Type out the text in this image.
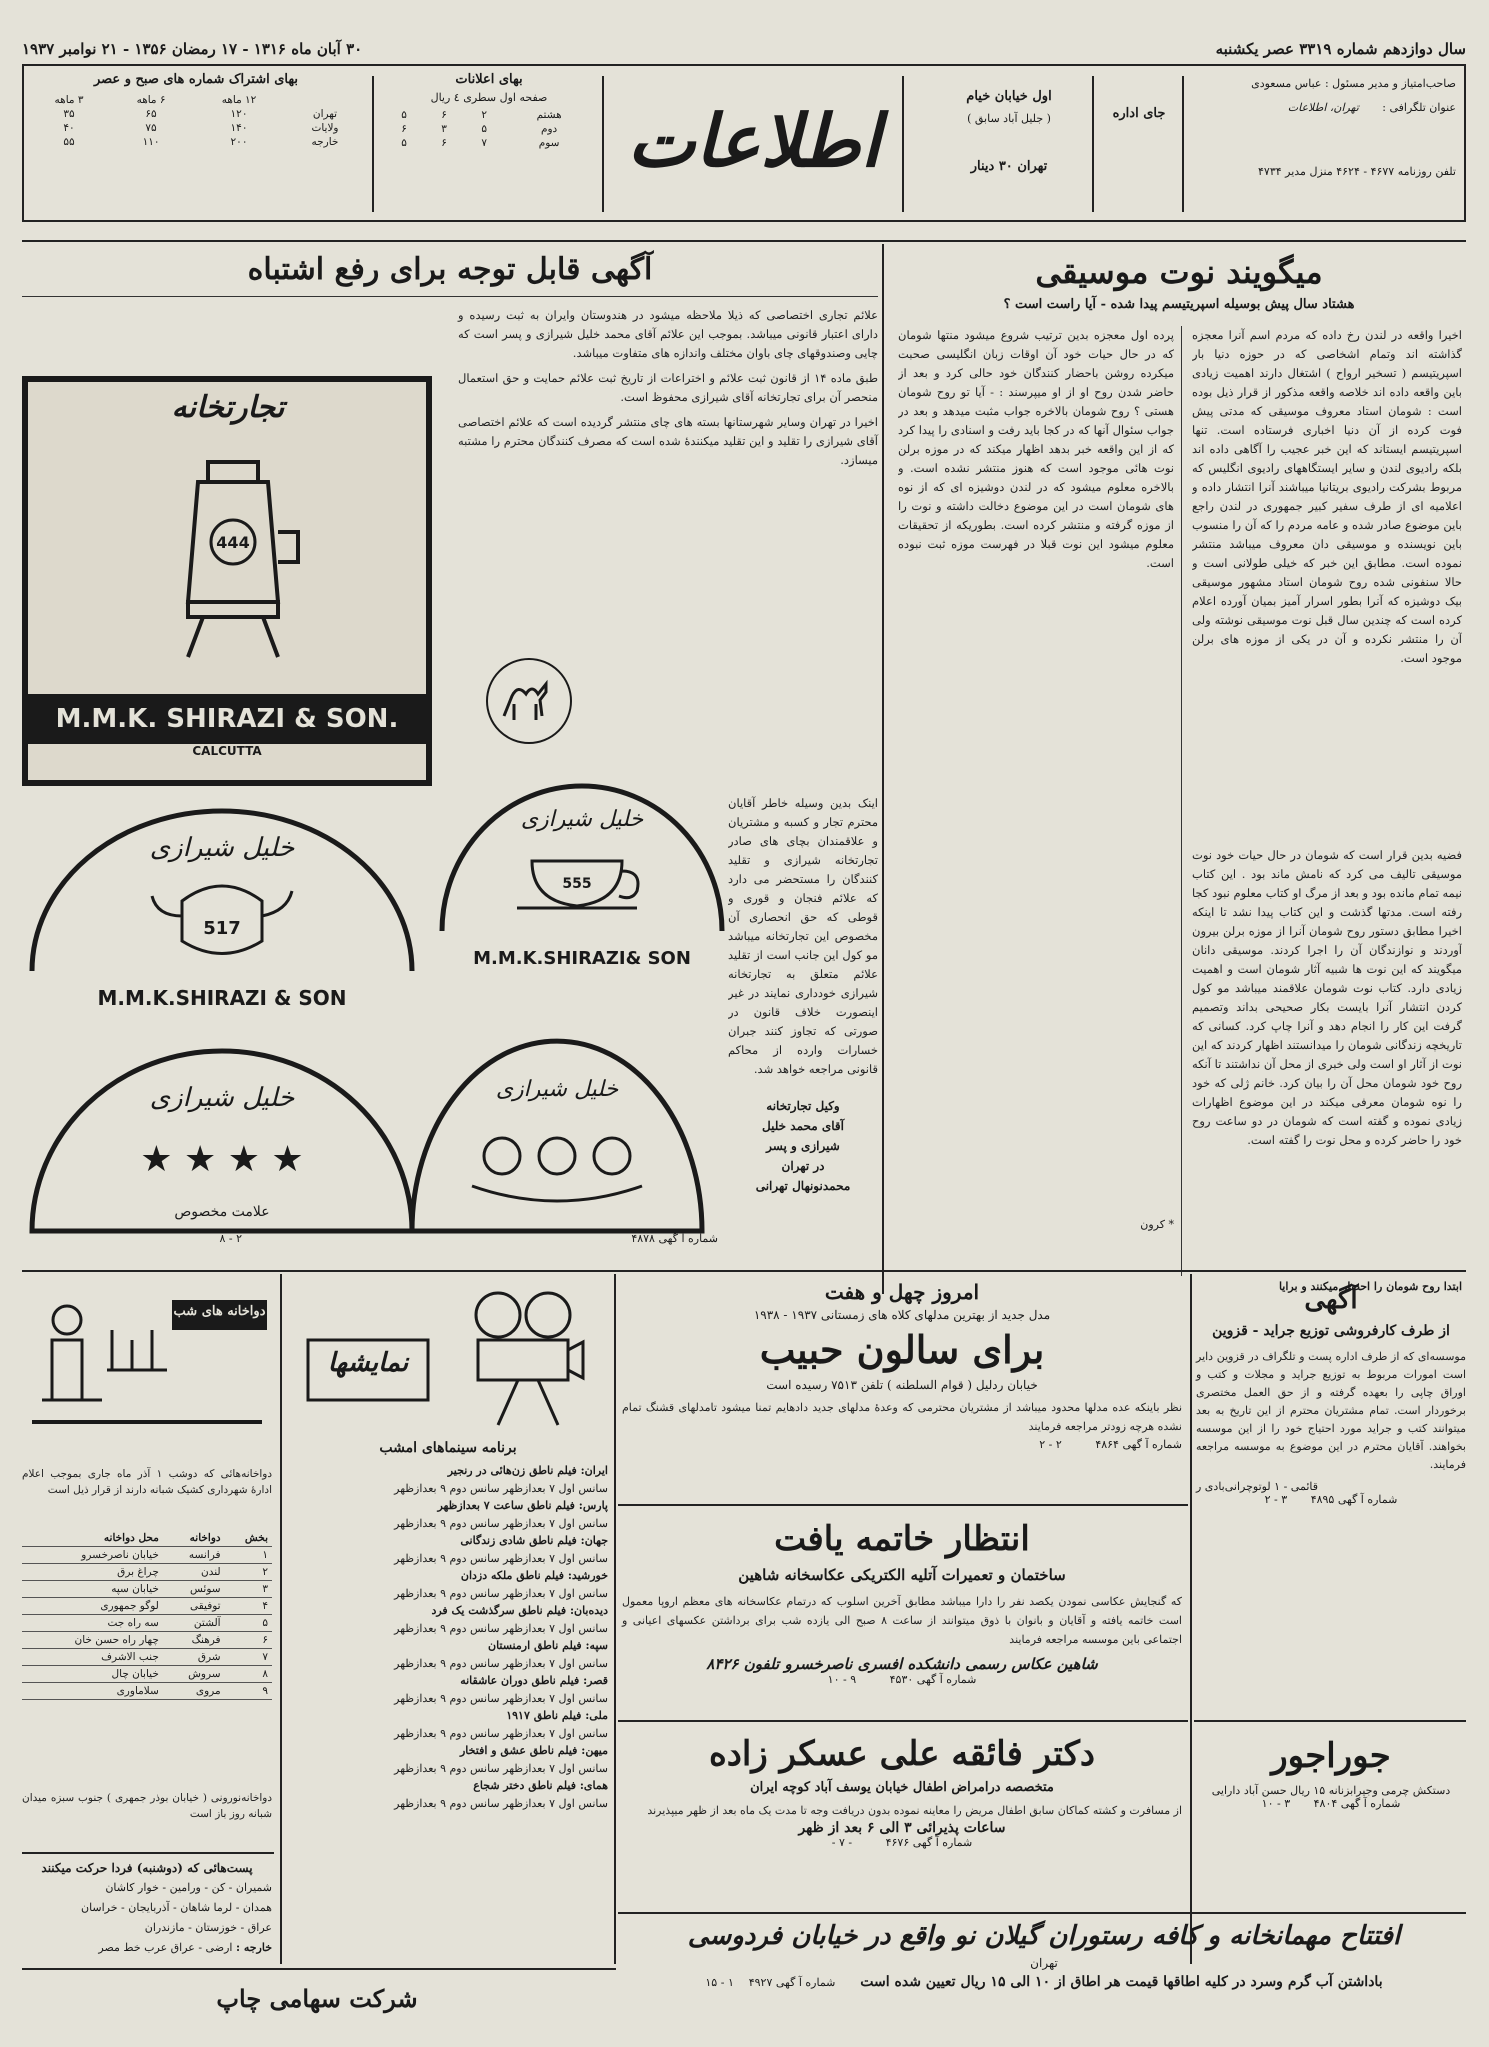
سال دوازدهم شماره ۳۳۱۹ عصر یکشنبه
۳۰ آبان ماه ۱۳۱۶ - ۱۷ رمضان ۱۳۵۶ - ۲۱ نوامبر ۱۹۳۷
صاحب‌امتیاز و مدیر مسئول : عباس مسعودی
عنوان تلگرافی : تهران، اطلاعات
تلفن روزنامه ۴۶۷۷ - ۴۶۲۴ منزل مدیر ۴۷۳۴
جای اداره
اول خیابان خیام
( جلیل آباد سابق )
تهران ۳۰ دینار
اطلاعات
بهای اعلانات
صفحه اول سطری ٤ ریال
هشتم	۲	۶	۵
دوم	۵	۳	۶
سوم	۷	۶	۵
بهای اشتراک شماره های صبح و عصر
	۱۲ ماهه	۶ ماهه	۳ ماهه
تهران	۱۲۰	۶۵	۳۵
ولایات	۱۴۰	۷۵	۴۰
خارجه	۲۰۰	۱۱۰	۵۵
میگویند نوت موسیقی
هشتاد سال پیش بوسیله اسپریتیسم پیدا شده - آیا راست است ؟
اخیرا واقعه در لندن رخ داده که مردم اسم آنرا معجزه گذاشته اند وتمام اشخاصی که در حوزه دنیا بار اسپریتیسم ( تسخیر ارواح ) اشتغال دارند اهمیت زیادی باین واقعه داده اند خلاصه واقعه مذکور از قرار ذیل بوده است : شومان استاد معروف موسیقی که مدتی پیش فوت کرده از آن دنیا اخباری فرستاده است. تنها اسپریتیسم ایستاند که این خبر عجیب را آگاهی داده اند بلکه رادیوی لندن و سایر ایستگاههای رادیوی انگلیس که مربوط بشرکت رادیوی بریتانیا میباشند آنرا انتشار داده و اعلامیه ای از طرف سفیر کبیر جمهوری در لندن راجع باین موضوع صادر شده و عامه مردم را که آن را منسوب باین نویسنده و موسیقی دان معروف میباشد منتشر نموده است. مطابق این خبر که خیلی طولانی است و حالا سنفونی شده روح شومان استاد مشهور موسیقی بیک دوشیزه که آنرا بطور اسرار آمیز بمیان آورده اعلام کرده است که چندین سال قبل نوت موسیقی نوشته ولی آن را منتشر نکرده و آن در یکی از موزه های برلن موجود است.
پرده اول معجزه بدین ترتیب شروع میشود منتها شومان که در حال حیات خود آن اوقات زبان انگلیسی صحبت میکرده روشن باحضار کنندگان خود حالی کرد و بعد از حاضر شدن روح او از او میپرسند : - آیا تو روح شومان هستی ؟ روح شومان بالاخره جواب مثبت میدهد و بعد در جواب سئوال آنها که در کجا باید رفت و اسنادی را پیدا کرد که از این واقعه خبر بدهد اظهار میکند که در موزه برلن نوت هائی موجود است که هنوز منتشر نشده است. و بالاخره معلوم میشود که در لندن دوشیزه ای که از نوه های شومان است در این موضوع دخالت داشته و نوت را از موزه گرفته و منتشر کرده است. بطوریکه از تحقیقات معلوم میشود این نوت قبلا در فهرست موزه ثبت نبوده است.
* کرون
فضیه بدین قرار است که شومان در حال حیات خود نوت موسیقی تالیف می کرد که نامش ماند بود . این کتاب نیمه تمام مانده بود و بعد از مرگ او کتاب معلوم نبود کجا رفته است. مدتها گذشت و این کتاب پیدا نشد تا اینکه اخیرا مطابق دستور روح شومان آنرا از موزه برلن بیرون آوردند و نوازندگان آن را اجرا کردند. موسیقی دانان میگویند که این نوت ها شبیه آثار شومان است و اهمیت زیادی دارد. کتاب نوت شومان علاقمند میباشد مو کول کردن انتشار آنرا بایست بکار صحیحی بداند وتصمیم گرفت این کار را انجام دهد و آنرا چاپ کرد. کسانی که تاریخچه زندگانی شومان را میدانستند اظهار کردند که این نوت از آثار او است ولی خبری از محل آن نداشتند تا آنکه روح خود شومان محل آن را بیان کرد. خانم ژلی که خود را نوه شومان معرفی میکند در این موضوع اظهارات زیادی نموده و گفته است که شومان در دو ساعت روح خود را حاضر کرده و محل نوت را گفته است.
ابتدا روح شومان را احضار میکنند و برایا
آگهی قابل توجه برای رفع اشتباه
تجارتخانه
444
M.M.K. SHIRAZI & SON.
CALCUTTA

علائم تجاری اختصاصی که ذیلا ملاحظه میشود در هندوستان وایران به ثبت رسیده و دارای اعتبار قانونی میباشد. بموجب این علائم آقای محمد خلیل شیرازی و پسر است که چایی وصندوقهای چای باوان مختلف واندازه های متفاوت میباشد.

طبق ماده ۱۴ از قانون ثبت علائم و اختراعات از تاریخ ثبت علائم حمایت و حق استعمال منحصر آن برای تجارتخانه آقای شیرازی محفوظ است.

اخیرا در تهران وسایر شهرستانها بسته های چای منتشر گردیده است که علائم اختصاصی آقای شیرازی را تقلید و این تقلید میکنندهٔ شده است که مصرف کنندگان محترم را مشتبه میسازد.

اینک بدین وسیله خاطر آقایان محترم تجار و کسبه و مشتریان و علاقمندان بچای های صادر تجارتخانه شیرازی و تقلید کنندگان را مستحضر می دارد که علائم فنجان و قوری و قوطی که حق انحصاری آن مخصوص این تجارتخانه میباشد مو کول این جانب است از تقلید علائم متعلق به تجارتخانه شیرازی خودداری نمایند در غیر اینصورت خلاف قانون در صورتی که تجاوز کنند جبران خسارات وارده از محاکم قانونی مراجعه خواهد شد.
وکیل تجارتخانه
آقای محمد خلیل
شیرازی و پسر
در تهران
محمدنونهال تهرانی
517
خلیل شیرازی
M.M.K.SHIRAZI & SON
555
خلیل شیرازی
M.M.K.SHIRAZI& SON
خلیل شیرازی
★ ★ ★ ★
علامت مخصوص
خلیل شیرازی
شماره آ گهی ۴۸۷۸
۲ - ۸
دواخانه های شب
دواخانه‌هائی که دوشب ۱ آذر ماه جاری بموجب اعلام ادارهٔ شهرداری کشیک شبانه دارند از قرار ذیل است
محل دواخانه	دواخانه	بخش
خیابان ناصرخسرو	فرانسه	۱
چراغ برق	لندن	۲
خیابان سپه	سوئس	۳
لوگو جمهوری	توفیقی	۴
سه راه جت	آلشتن	۵
چهار راه حسن خان	فرهنگ	۶
جنب الاشرف	شرق	۷
خیابان چال	سروش	۸
سلاماوری	مروی	۹
دواخانه‌نورونی ( خیابان بوذر جمهری ) جنوب سبزه میدان شبانه روز باز است
پست‌هائی که (دوشنبه) فردا حرکت میکنند
شمیران - کن - ورامین - خوار کاشان
همدان - لرما شاهان - آذربایجان - خراسان
عراق - خوزستان - مازندران
خارجه : ارضی - عراق عرب خط مصر
نمایشها
برنامه سینماهای امشب
ایران: فیلم ناطق زن‌هائی در رنجیر
سانس اول ۷ بعدازظهر سانس دوم ۹ بعدازظهر
پارس: فیلم ناطق ساعت ۷ بعدازظهر
سانس اول ۷ بعدازظهر سانس دوم ۹ بعدازظهر
جهان: فیلم ناطق شادی زندگانی
سانس اول ۷ بعدازظهر سانس دوم ۹ بعدازظهر
خورشید: فیلم ناطق ملکه دزدان
سانس اول ۷ بعدازظهر سانس دوم ۹ بعدازظهر
دیده‌بان: فیلم ناطق سرگذشت یک فرد
سانس اول ۷ بعدازظهر سانس دوم ۹ بعدازظهر
سپه: فیلم ناطق ارمنستان
سانس اول ۷ بعدازظهر سانس دوم ۹ بعدازظهر
قصر: فیلم ناطق دوران عاشقانه
سانس اول ۷ بعدازظهر سانس دوم ۹ بعدازظهر
ملی: فیلم ناطق ۱۹۱۷
سانس اول ۷ بعدازظهر سانس دوم ۹ بعدازظهر
میهن: فیلم ناطق عشق و افتخار
سانس اول ۷ بعدازظهر سانس دوم ۹ بعدازظهر
همای: فیلم ناطق دختر شجاع
سانس اول ۷ بعدازظهر سانس دوم ۹ بعدازظهر
امروز چهل و هفت
مدل جدید از بهترین مدلهای کلاه های زمستانی ۱۹۳۷ - ۱۹۳۸
برای سالون حبیب
خیابان ردلیل ( قوام السلطنه ) تلفن ۷۵۱۳ رسیده است
نظر باینکه عده مدلها محدود میباشد از مشتریان محترمی که وعدهٔ مدلهای جدید دادهایم تمنا میشود تامدلهای قشنگ تمام نشده هرچه زودتر مراجعه فرمایند
شماره آ گهی ۴۸۶۴ ۲ - ۲
انتظار خاتمه یافت
ساختمان و تعمیرات آتلیه الکتریکی عکاسخانه شاهین
که گنجایش عکاسی نمودن یکصد نفر را دارا میباشد مطابق آخرین اسلوب که درتمام عکاسخانه های معظم اروپا معمول است خاتمه یافته و آقایان و بانوان با ذوق میتوانند از ساعت ۸ صبح الی یازده شب برای برداشتن عکسهای اعیانی و اجتماعی باین موسسه مراجعه فرمایند
شاهین عکاس رسمی دانشکده افسری ناصرخسرو تلفون ۸۴۲۶
شماره آ گهی ۴۵۳۰ ۹ - ۱۰
دکتر فائقه علی عسکر زاده
متخصصه درامراض اطفال خیابان یوسف آباد کوچه ایران
از مسافرت و کشته کماکان سابق اطفال مریض را معاینه نموده بدون دریافت وجه تا مدت یک ماه بعد از ظهر میپذیرند
ساعات پذیرائی ۳ الی ۶ بعد از ظهر
شماره آ گهی ۴۶۷۶ - ۷ -
آگهی
از طرف کارفروشی توزیع جراید - قزوین
موسسه‌ای که از طرف اداره پست و تلگراف در قزوین دایر است امورات مربوط به توزیع جراید و مجلات و کتب و اوراق چاپی را بعهده گرفته و از حق العمل مختصری برخوردار است. تمام مشتریان محترم از این تاریخ به بعد میتوانند کتب و جراید مورد احتیاج خود را از این موسسه بخواهند. آقایان محترم در این موضوع به موسسه مراجعه فرمایند.
قائمی - ۱ لوتوچرانی‌بادی ر
شماره آ گهی ۴۸۹۵ ۳ - ۲
جوراجور
دستکش چرمی وجیرابزنانه ۱۵ ریال حسن آباد دارایی
شماره آ گهی ۴۸۰۴ ۳ - ۱۰
افتتاح مهمانخانه و کافه رستوران گیلان نو واقع در خیابان فردوسی
تهران
باداشتن آب گرم وسرد در کلیه اطاقها قیمت هر اطاق از ۱۰ الی ۱۵ ریال تعیین شده است شماره آ گهی ۴۹۲۷ ۱ - ۱۵
شرکت سهامی چاپ
